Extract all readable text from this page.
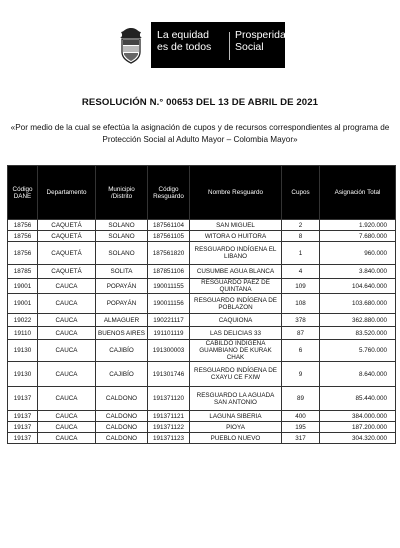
La equidad
es de todos
Prosperidad
Social
RESOLUCIÓN N.° 00653 DEL 13 DE ABRIL DE 2021
«Por medio de la cual se efectúa la asignación de cupos y de recursos correspondientes al programa de Protección Social al Adulto Mayor – Colombia Mayor»
Código DANE	Departamento	Municipio /Distrito	Código Resguardo	Nombre Resguardo	Cupos	Asignación Total
18756	CAQUETÁ	SOLANO	187561104	SAN MIGUEL	2	1.920.000
18756	CAQUETÁ	SOLANO	187561105	WITORA O HUITORA	8	7.680.000
18756	CAQUETÁ	SOLANO	187561820	RESGUARDO INDÍGENA EL LIBANO	1	960.000
18785	CAQUETÁ	SOLITA	187851106	CUSUMBE AGUA BLANCA	4	3.840.000
19001	CAUCA	POPAYÁN	190011155	RESGUARDO PAEZ DE QUINTANA	109	104.640.000
19001	CAUCA	POPAYÁN	190011156	RESGUARDO INDÍGENA DE POBLAZON	108	103.680.000
19022	CAUCA	ALMAGUER	190221117	CAQUIONA	378	362.880.000
19110	CAUCA	BUENOS AIRES	191101119	LAS DELICIAS 33	87	83.520.000
19130	CAUCA	CAJIBÍO	191300003	CABILDO INDIGENA GUAMBIANO DE KURAK CHAK	6	5.760.000
19130	CAUCA	CAJIBÍO	191301746	RESGUARDO INDÍGENA DE CXAYU CE FXIW	9	8.640.000
19137	CAUCA	CALDONO	191371120	RESGUARDO LA AGUADA SAN ANTONIO	89	85.440.000
19137	CAUCA	CALDONO	191371121	LAGUNA SIBERIA	400	384.000.000
19137	CAUCA	CALDONO	191371122	PIOYA	195	187.200.000
19137	CAUCA	CALDONO	191371123	PUEBLO NUEVO	317	304.320.000
